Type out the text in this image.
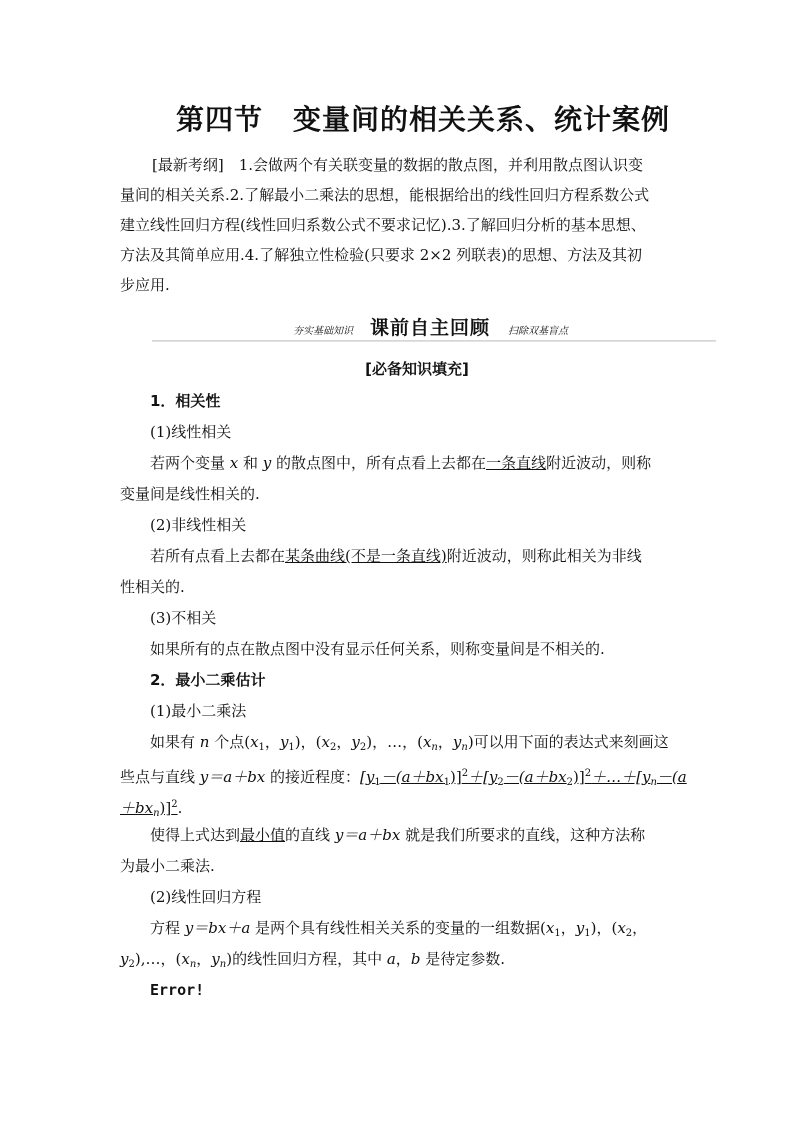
第四节 变量间的相关关系、统计案例
[最新考纲]　1.会做两个有关联变量的数据的散点图，并利用散点图认识变
量间的相关关系.2.了解最小二乘法的思想，能根据给出的线性回归方程系数公式
建立线性回归方程(线性回归系数公式不要求记忆).3.了解回归分析的基本思想、
方法及其简单应用.4.了解独立性检验(只要求 2×2 列联表)的思想、方法及其初
步应用.
夯实基础知识 课前自主回顾 扫除双基盲点
[必备知识填充]
1．相关性
(1)线性相关
若两个变量 x 和 y 的散点图中，所有点看上去都在一条直线附近波动，则称
变量间是线性相关的.
(2)非线性相关
若所有点看上去都在某条曲线(不是一条直线)附近波动，则称此相关为非线
性相关的.
(3)不相关
如果所有的点在散点图中没有显示任何关系，则称变量间是不相关的.
2．最小二乘估计
(1)最小二乘法
如果有 n 个点($x_1$，$y_1$)，($x_2$，$y_2$)，…，($x_n$，$y_n$)可以用下面的表达式来刻画这
些点与直线 y＝a＋bx 的接近程度：$[y_1-(a+bx_1)]^2+[y_2-(a+bx_2)]^2+\dots+[y_n-(a$
$+bx_n)]^2$.
使得上式达到最小值的直线 y＝a＋bx 就是我们所要求的直线，这种方法称
为最小二乘法.
(2)线性回归方程
方程 y＝bx＋a 是两个具有线性相关关系的变量的一组数据($x_1$，$y_1$)，($x_2$，
$y_2),\dots$，($x_n$，$y_n$)的线性回归方程，其中 a，b 是待定参数.
Error!
